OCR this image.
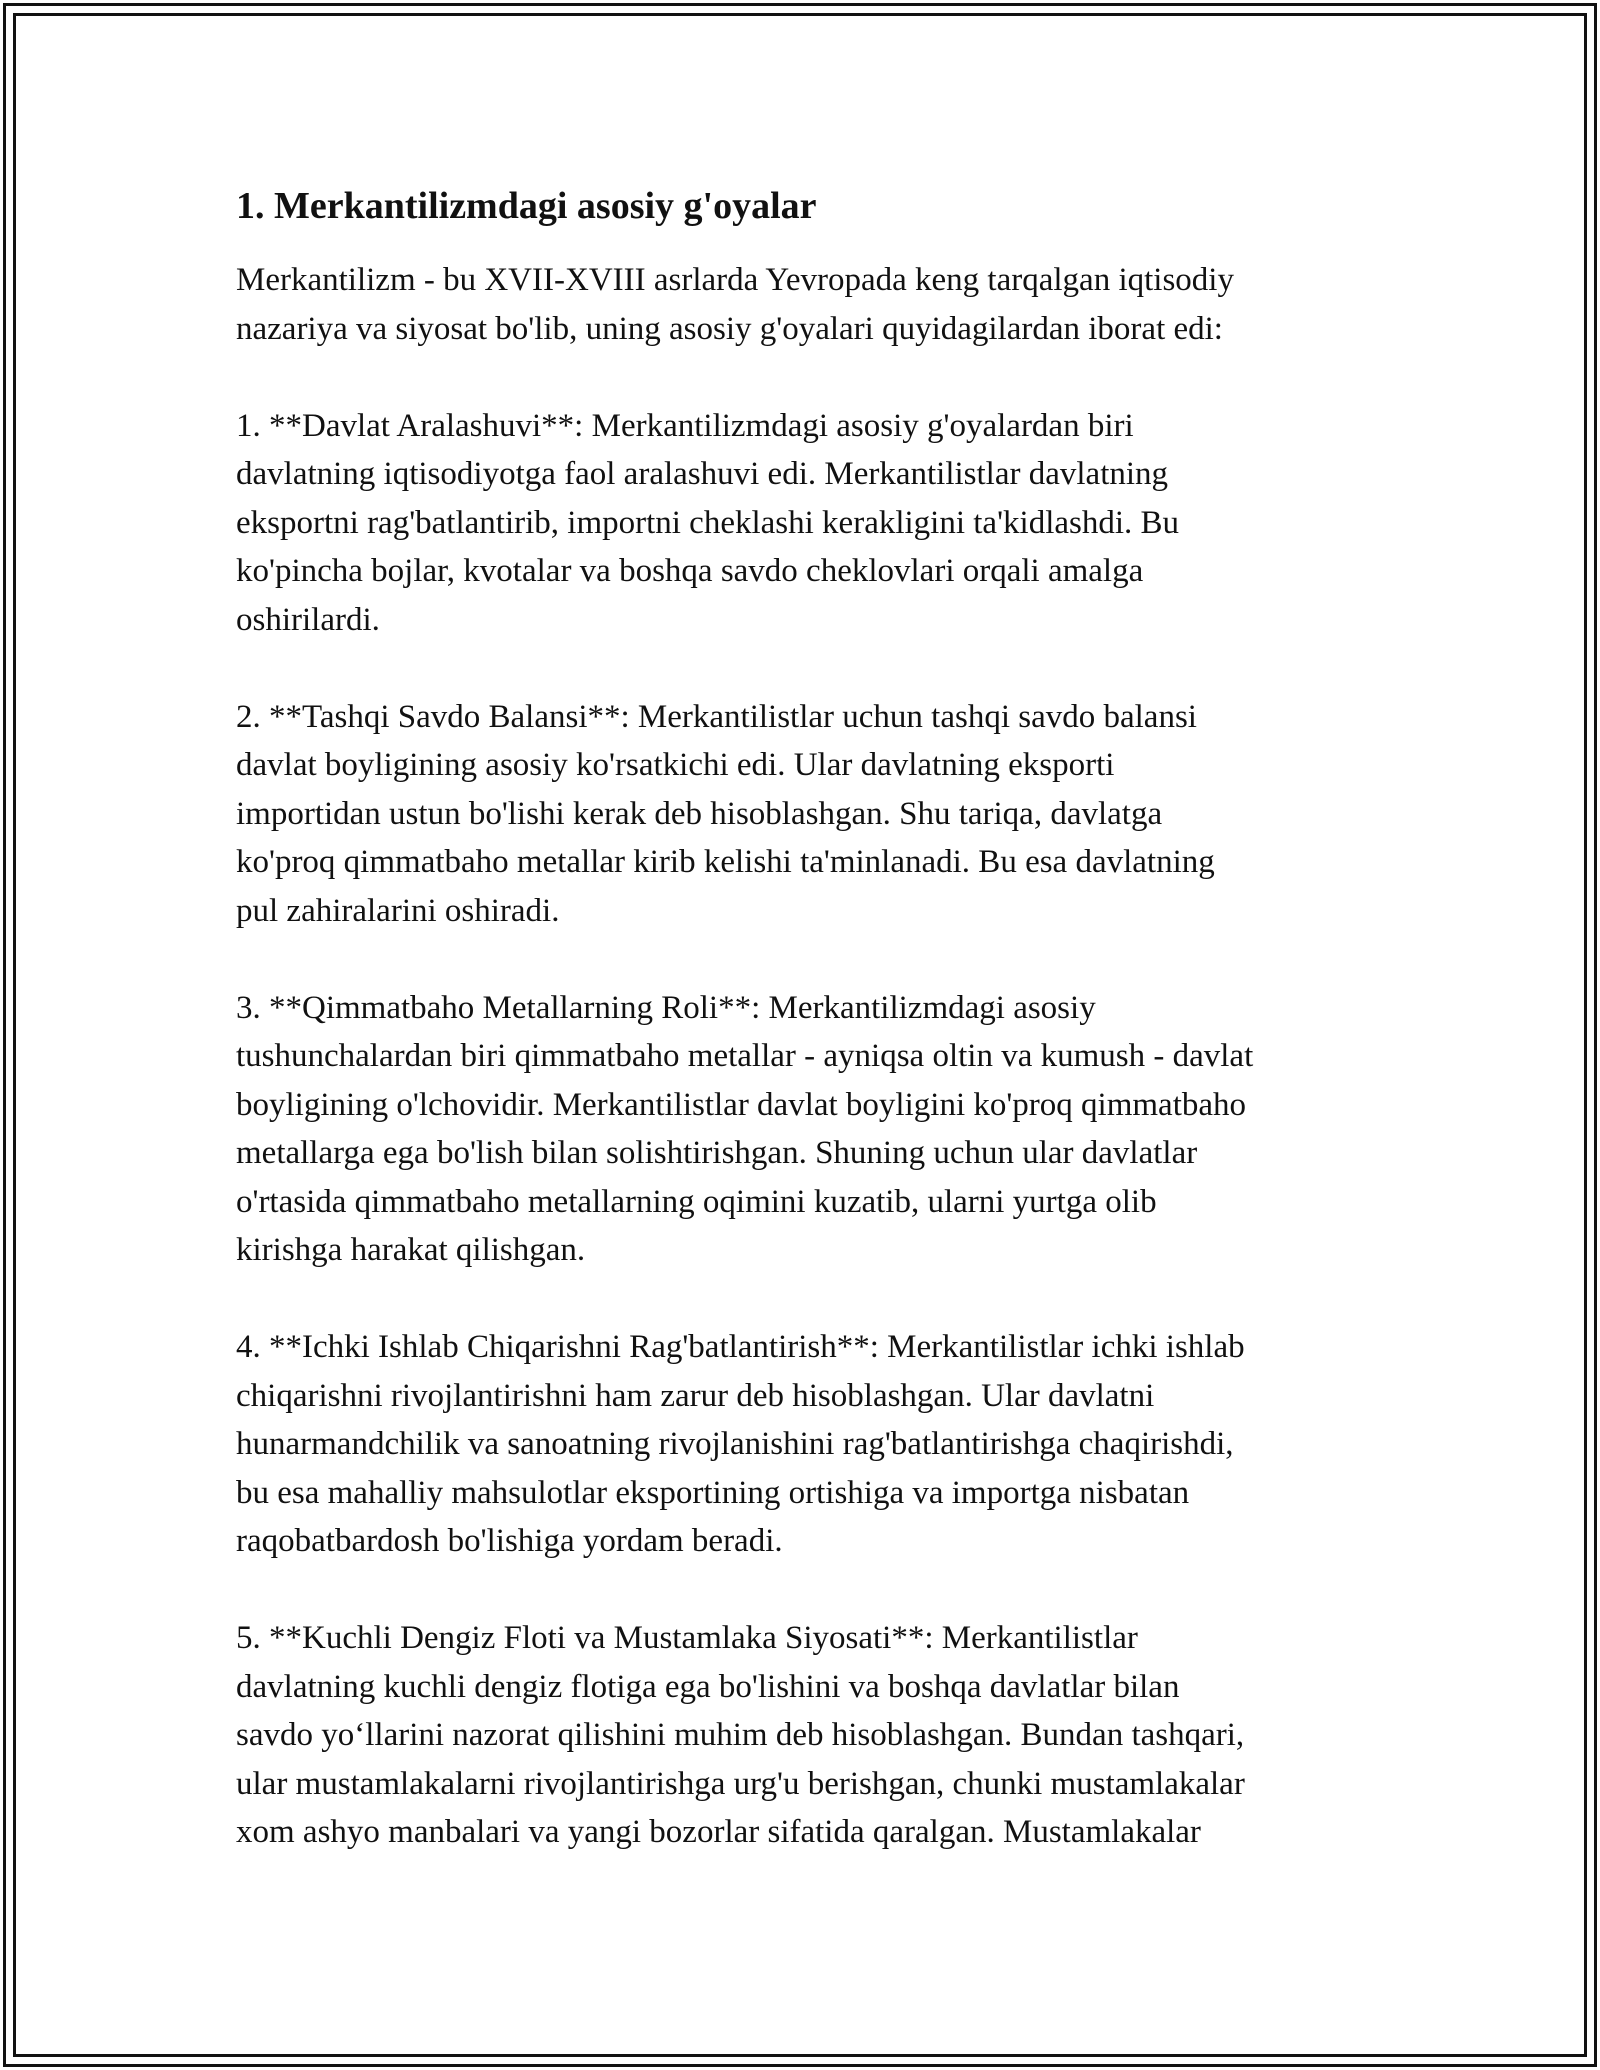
1. Merkantilizmdagi asosiy g'oyalar
Merkantilizm - bu XVII-XVIII asrlarda Yevropada keng tarqalgan iqtisodiy
nazariya va siyosat bo'lib, uning asosiy g'oyalari quyidagilardan iborat edi:
1. **Davlat Aralashuvi**: Merkantilizmdagi asosiy g'oyalardan biri
davlatning iqtisodiyotga faol aralashuvi edi. Merkantilistlar davlatning
eksportni rag'batlantirib, importni cheklashi kerakligini ta'kidlashdi. Bu
ko'pincha bojlar, kvotalar va boshqa savdo cheklovlari orqali amalga
oshirilardi.
2. **Tashqi Savdo Balansi**: Merkantilistlar uchun tashqi savdo balansi
davlat boyligining asosiy ko'rsatkichi edi. Ular davlatning eksporti
importidan ustun bo'lishi kerak deb hisoblashgan. Shu tariqa, davlatga
ko'proq qimmatbaho metallar kirib kelishi ta'minlanadi. Bu esa davlatning
pul zahiralarini oshiradi.
3. **Qimmatbaho Metallarning Roli**: Merkantilizmdagi asosiy
tushunchalardan biri qimmatbaho metallar - ayniqsa oltin va kumush - davlat
boyligining o'lchovidir. Merkantilistlar davlat boyligini ko'proq qimmatbaho
metallarga ega bo'lish bilan solishtirishgan. Shuning uchun ular davlatlar
o'rtasida qimmatbaho metallarning oqimini kuzatib, ularni yurtga olib
kirishga harakat qilishgan.
4. **Ichki Ishlab Chiqarishni Rag'batlantirish**: Merkantilistlar ichki ishlab
chiqarishni rivojlantirishni ham zarur deb hisoblashgan. Ular davlatni
hunarmandchilik va sanoatning rivojlanishini rag'batlantirishga chaqirishdi,
bu esa mahalliy mahsulotlar eksportining ortishiga va importga nisbatan
raqobatbardosh bo'lishiga yordam beradi.
5. **Kuchli Dengiz Floti va Mustamlaka Siyosati**: Merkantilistlar
davlatning kuchli dengiz flotiga ega bo'lishini va boshqa davlatlar bilan
savdo yo‘llarini nazorat qilishini muhim deb hisoblashgan. Bundan tashqari,
ular mustamlakalarni rivojlantirishga urg'u berishgan, chunki mustamlakalar
xom ashyo manbalari va yangi bozorlar sifatida qaralgan. Mustamlakalar
